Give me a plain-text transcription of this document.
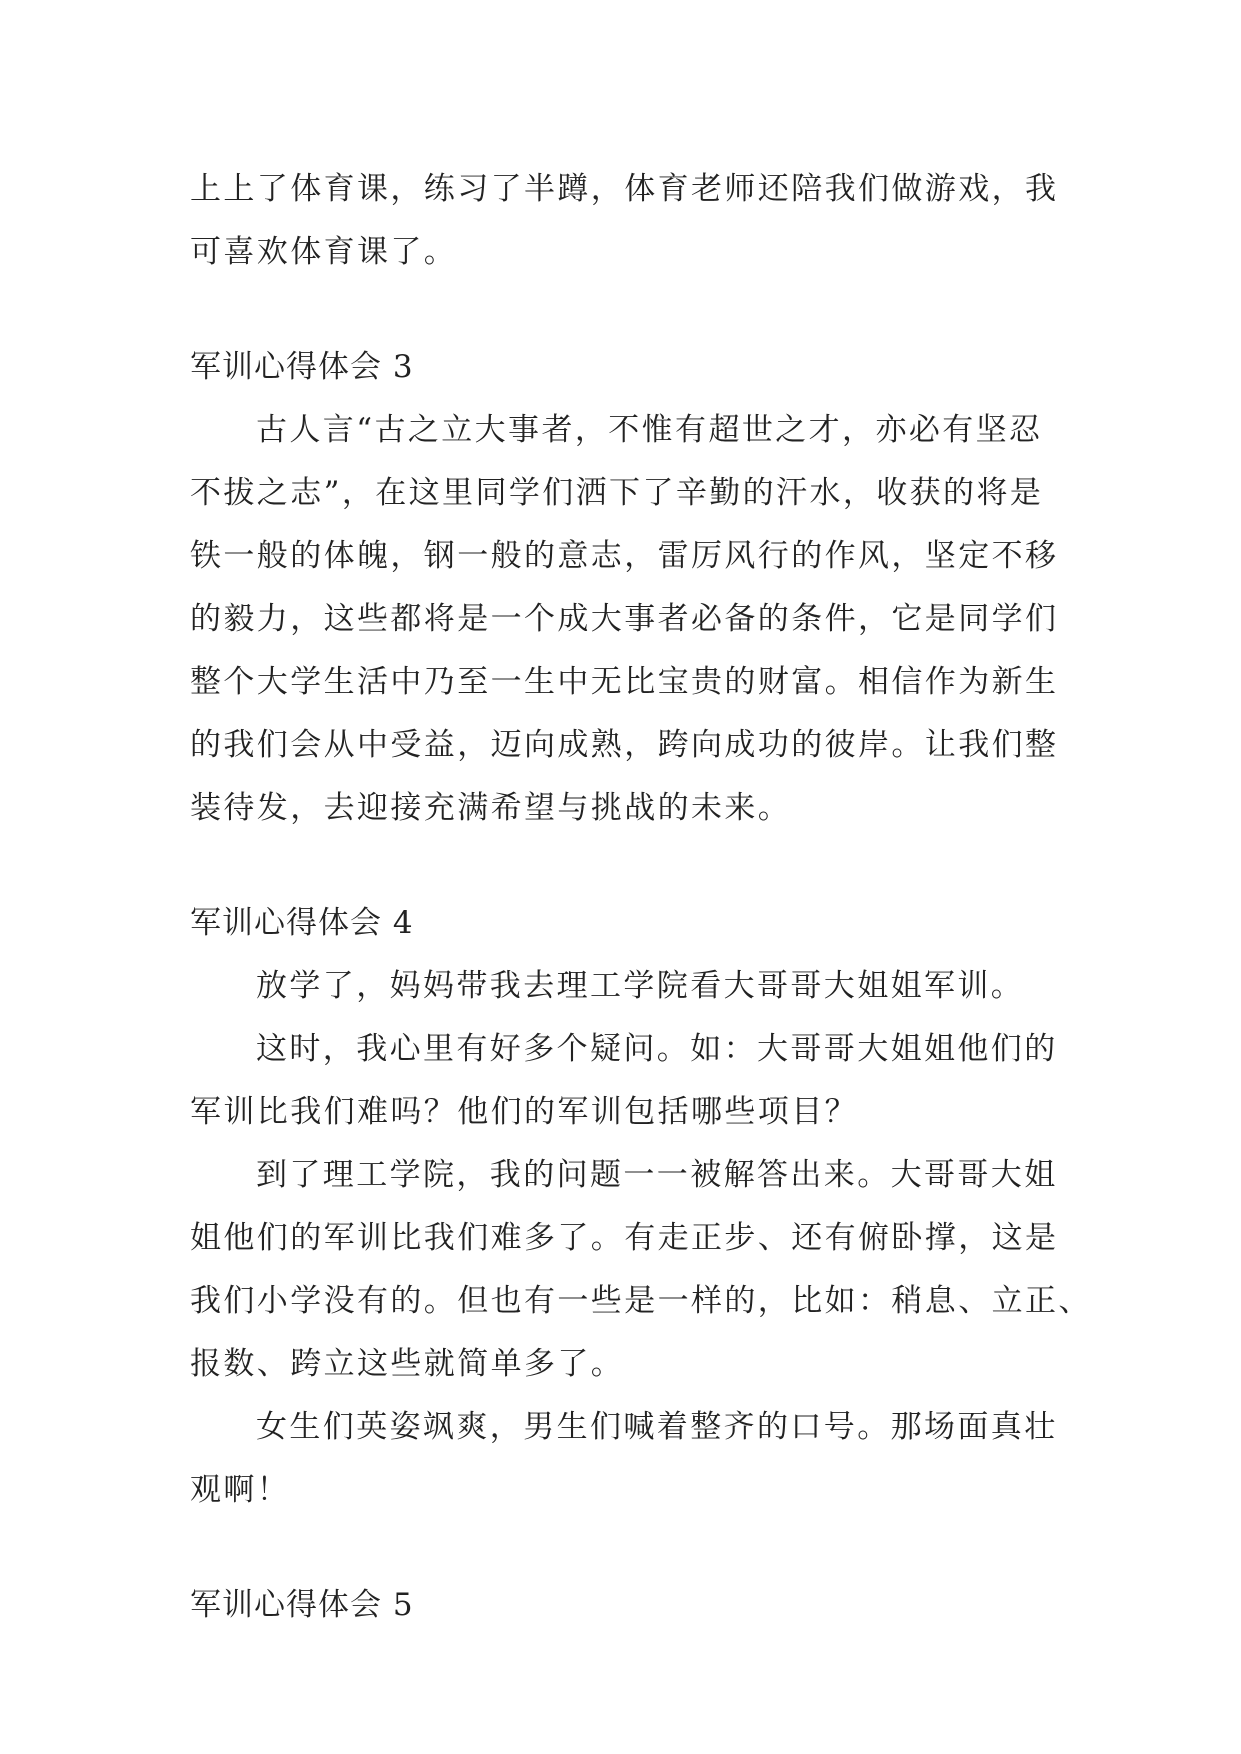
上上了体育课，练习了半蹲，体育老师还陪我们做游戏，我
可喜欢体育课了。
军训心得体会 3
古人言“古之立大事者，不惟有超世之才，亦必有坚忍
不拔之志”，在这里同学们洒下了辛勤的汗水，收获的将是
铁一般的体魄，钢一般的意志，雷厉风行的作风，坚定不移
的毅力，这些都将是一个成大事者必备的条件，它是同学们
整个大学生活中乃至一生中无比宝贵的财富。相信作为新生
的我们会从中受益，迈向成熟，跨向成功的彼岸。让我们整
装待发，去迎接充满希望与挑战的未来。
军训心得体会 4
放学了，妈妈带我去理工学院看大哥哥大姐姐军训。
这时，我心里有好多个疑问。如：大哥哥大姐姐他们的
军训比我们难吗？他们的军训包括哪些项目？
到了理工学院，我的问题一一被解答出来。大哥哥大姐
姐他们的军训比我们难多了。有走正步、还有俯卧撑，这是
我们小学没有的。但也有一些是一样的，比如：稍息、立正、
报数、跨立这些就简单多了。
女生们英姿飒爽，男生们喊着整齐的口号。那场面真壮
观啊！
军训心得体会 5
